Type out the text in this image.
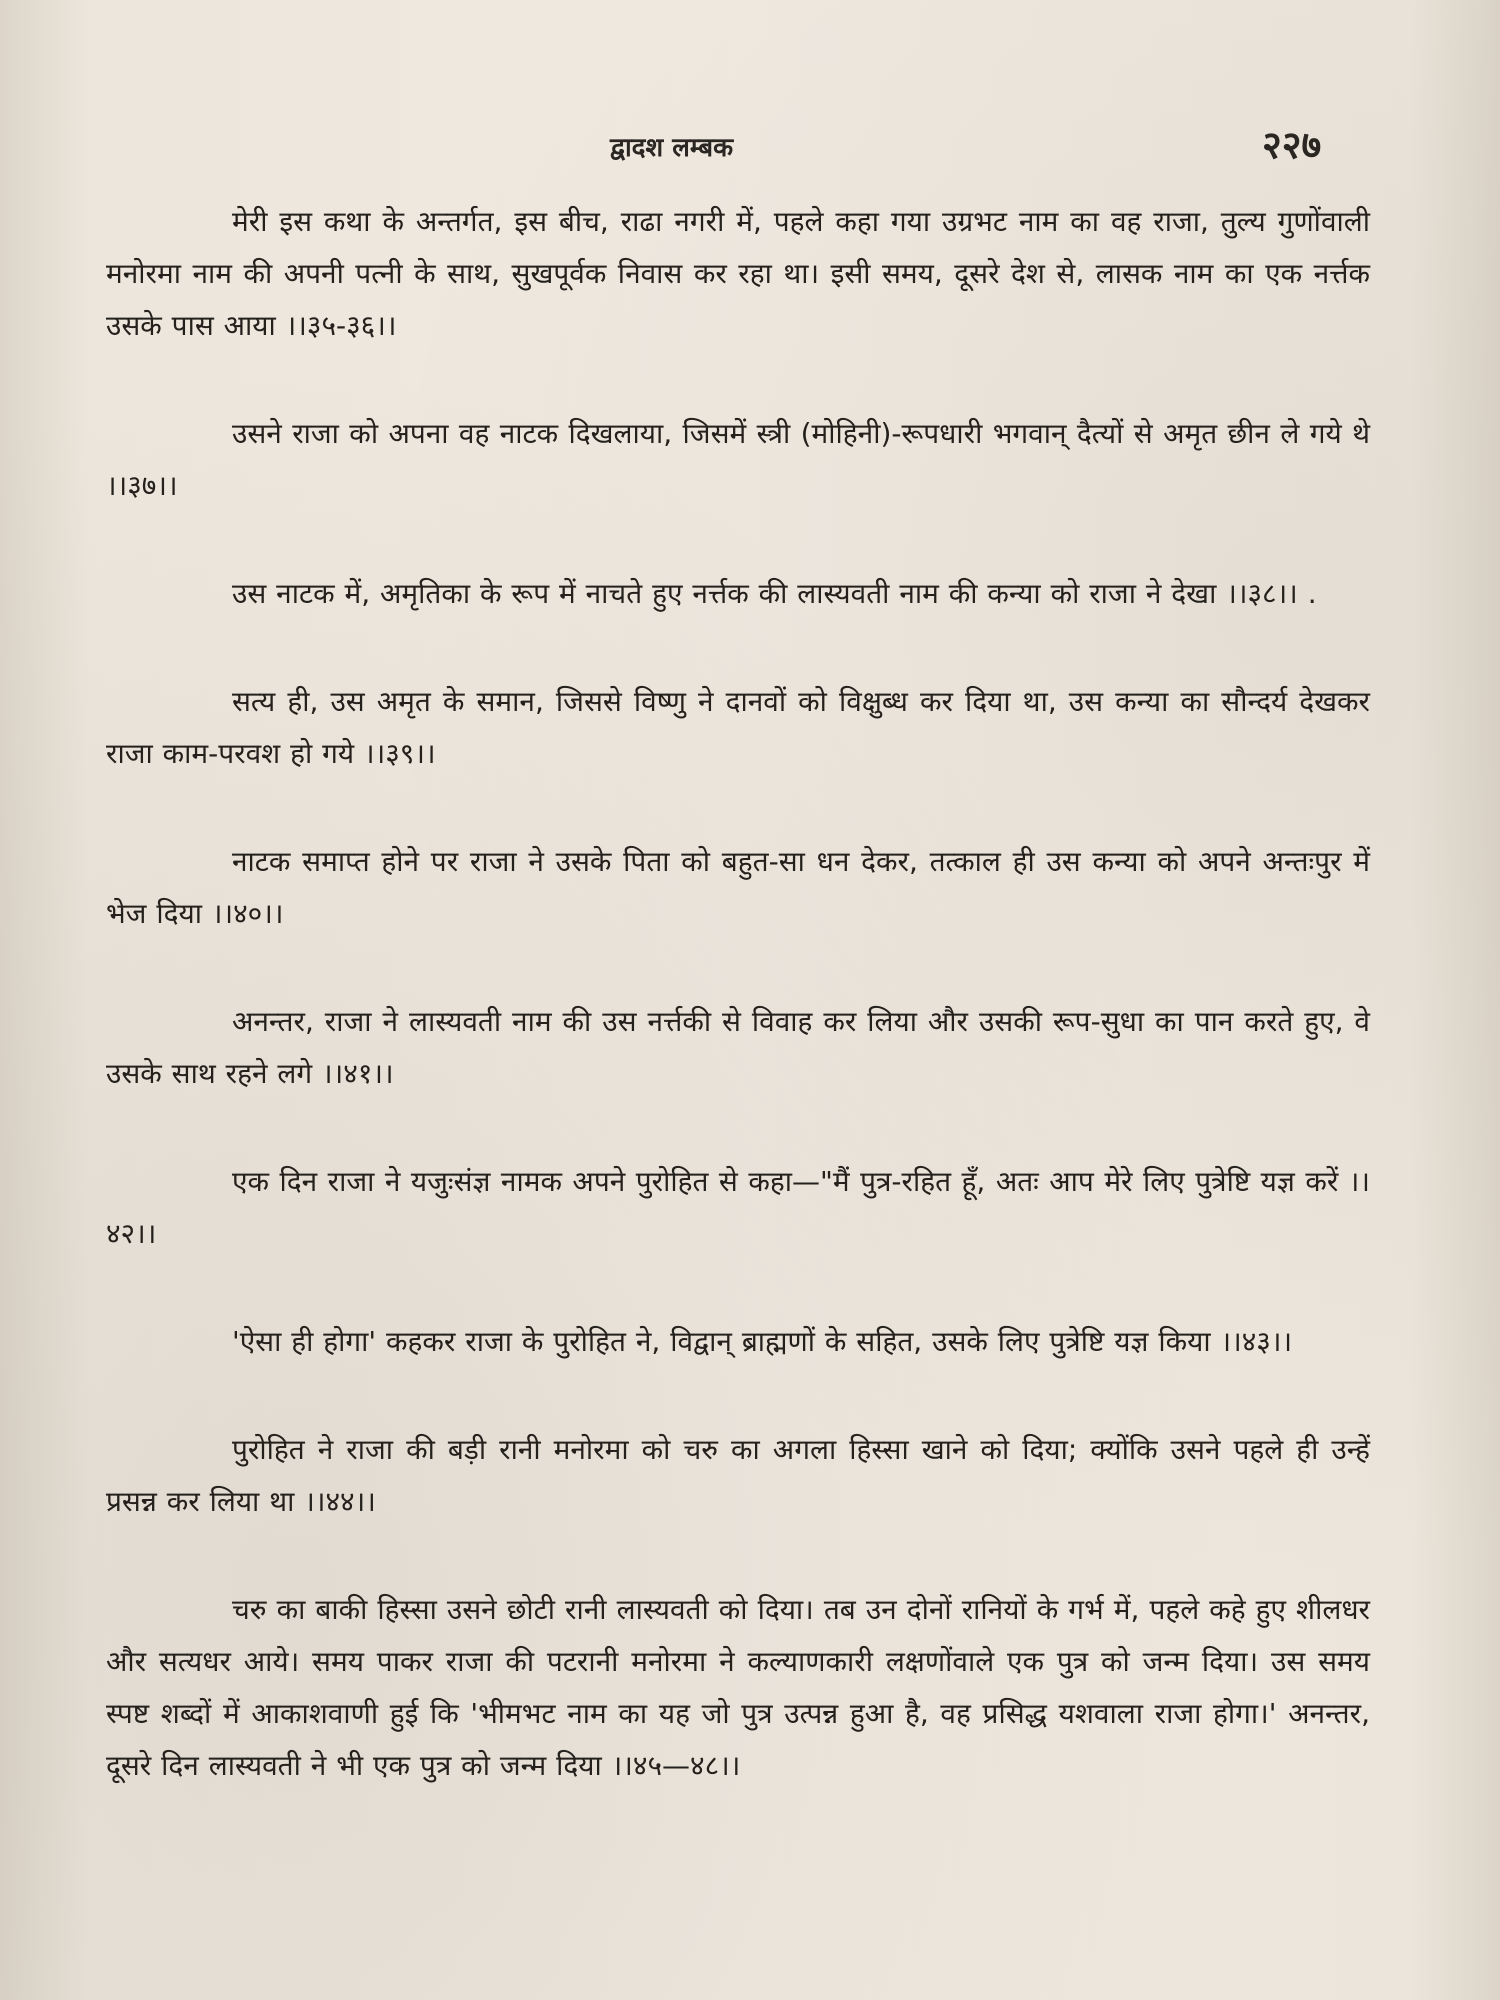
द्वादश लम्बक	२२७

मेरी इस कथा के अन्तर्गत, इस बीच, राढा नगरी में, पहले कहा गया उग्रभट नाम का वह राजा, तुल्य गुणोंवाली मनोरमा नाम की अपनी पत्नी के साथ, सुखपूर्वक निवास कर रहा था। इसी समय, दूसरे देश से, लासक नाम का एक नर्त्तक उसके पास आया ।।३५-३६।।

उसने राजा को अपना वह नाटक दिखलाया, जिसमें स्त्री (मोहिनी)-रूपधारी भगवान् दैत्यों से अमृत छीन ले गये थे ।।३७।।

उस नाटक में, अमृतिका के रूप में नाचते हुए नर्त्तक की लास्यवती नाम की कन्या को राजा ने देखा ।।३८।। .

सत्य ही, उस अमृत के समान, जिससे विष्णु ने दानवों को विक्षुब्ध कर दिया था, उस कन्या का सौन्दर्य देखकर राजा काम-परवश हो गये ।।३९।।

नाटक समाप्त होने पर राजा ने उसके पिता को बहुत-सा धन देकर, तत्काल ही उस कन्या को अपने अन्तःपुर में भेज दिया ।।४०।।

अनन्तर, राजा ने लास्यवती नाम की उस नर्त्तकी से विवाह कर लिया और उसकी रूप-सुधा का पान करते हुए, वे उसके साथ रहने लगे ।।४१।।

एक दिन राजा ने यजुःसंज्ञ नामक अपने पुरोहित से कहा—"मैं पुत्र-रहित हूँ, अतः आप मेरे लिए पुत्रेष्टि यज्ञ करें ।।४२।।

'ऐसा ही होगा' कहकर राजा के पुरोहित ने, विद्वान् ब्राह्मणों के सहित, उसके लिए पुत्रेष्टि यज्ञ किया ।।४३।।

पुरोहित ने राजा की बड़ी रानी मनोरमा को चरु का अगला हिस्सा खाने को दिया; क्योंकि उसने पहले ही उन्हें प्रसन्न कर लिया था ।।४४।।

चरु का बाकी हिस्सा उसने छोटी रानी लास्यवती को दिया। तब उन दोनों रानियों के गर्भ में, पहले कहे हुए शीलधर और सत्यधर आये। समय पाकर राजा की पटरानी मनोरमा ने कल्याणकारी लक्षणोंवाले एक पुत्र को जन्म दिया। उस समय स्पष्ट शब्दों में आकाशवाणी हुई कि 'भीमभट नाम का यह जो पुत्र उत्पन्न हुआ है, वह प्रसिद्ध यशवाला राजा होगा।' अनन्तर, दूसरे दिन लास्यवती ने भी एक पुत्र को जन्म दिया ।।४५—४८।।
